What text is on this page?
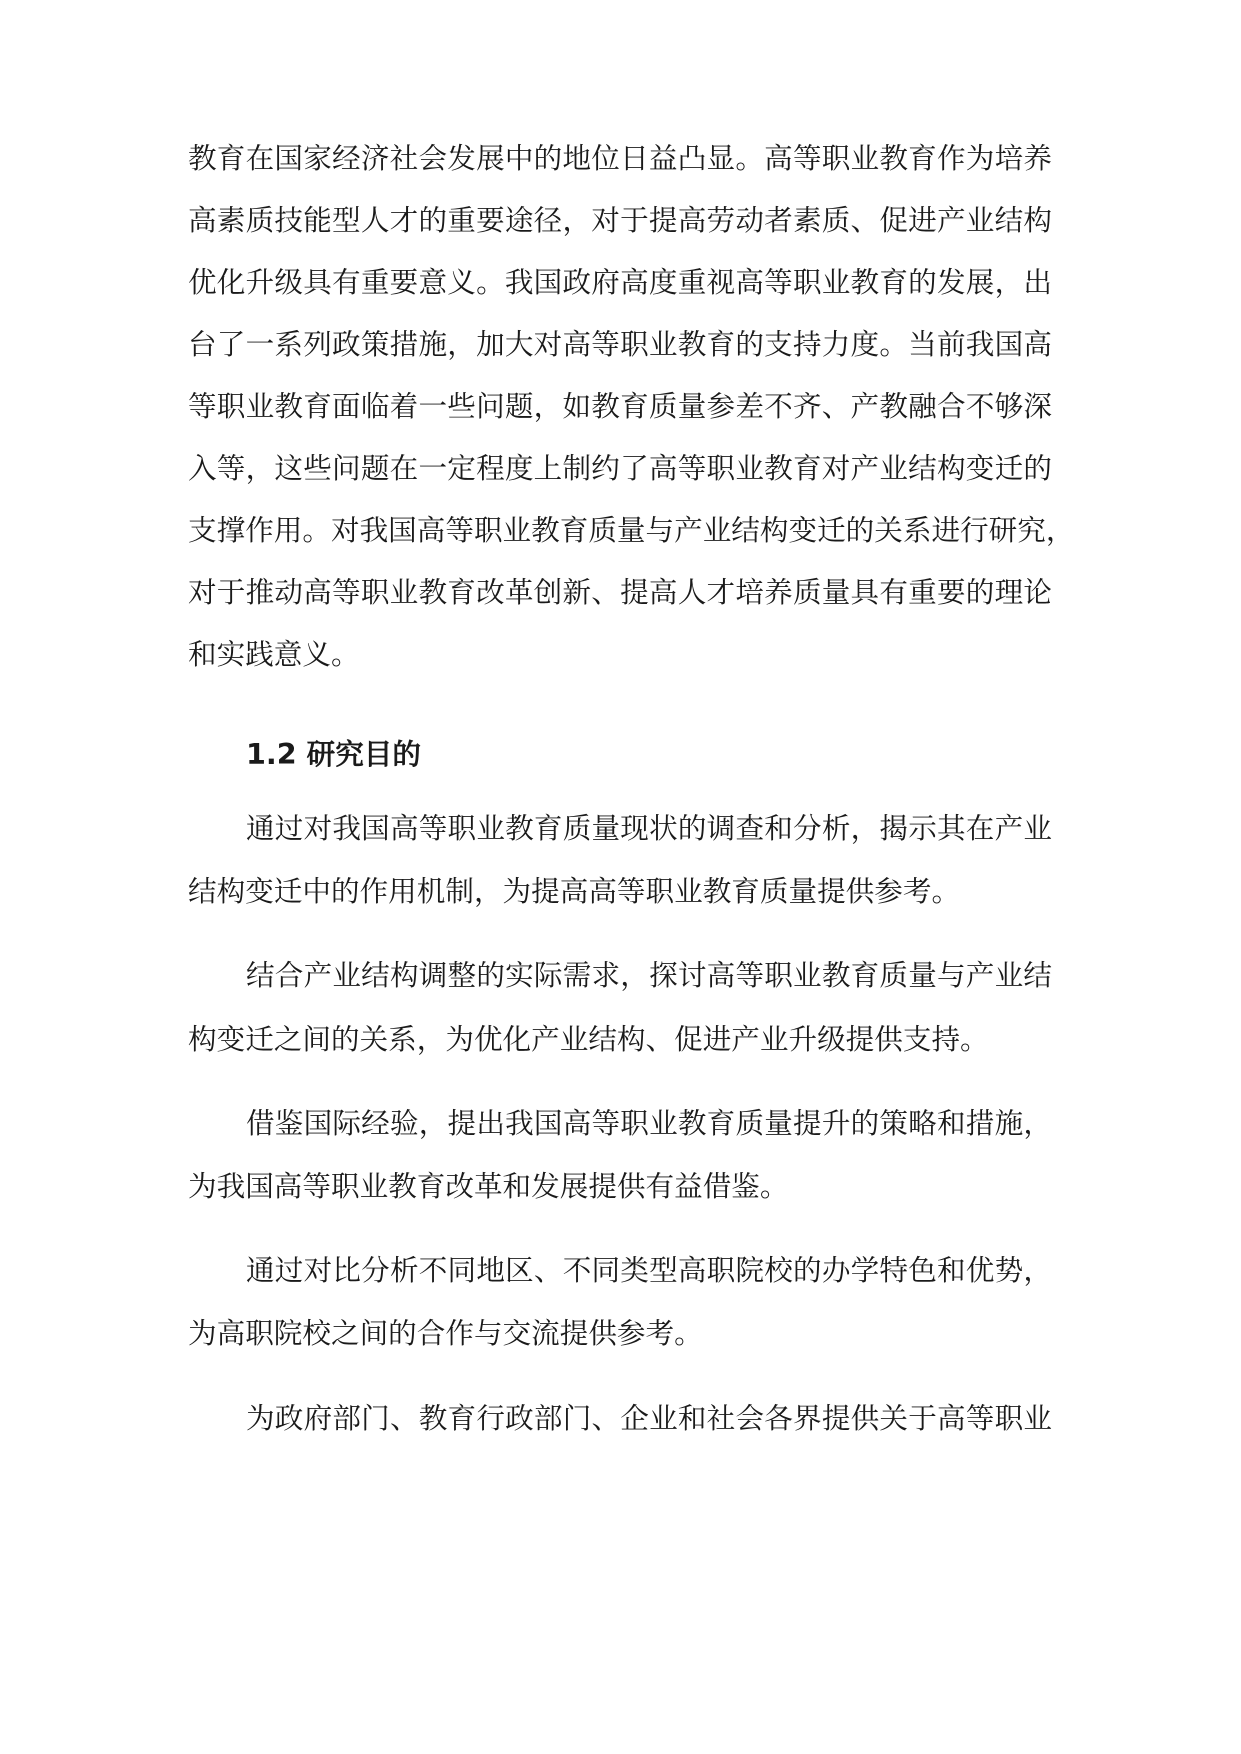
教育在国家经济社会发展中的地位日益凸显。高等职业教育作为培养
高素质技能型人才的重要途径，对于提高劳动者素质、促进产业结构
优化升级具有重要意义。我国政府高度重视高等职业教育的发展，出
台了一系列政策措施，加大对高等职业教育的支持力度。当前我国高
等职业教育面临着一些问题，如教育质量参差不齐、产教融合不够深
入等，这些问题在一定程度上制约了高等职业教育对产业结构变迁的
支撑作用。对我国高等职业教育质量与产业结构变迁的关系进行研究，
对于推动高等职业教育改革创新、提高人才培养质量具有重要的理论
和实践意义。
1.2 研究目的
通过对我国高等职业教育质量现状的调查和分析，揭示其在产业
结构变迁中的作用机制，为提高高等职业教育质量提供参考。
结合产业结构调整的实际需求，探讨高等职业教育质量与产业结
构变迁之间的关系，为优化产业结构、促进产业升级提供支持。
借鉴国际经验，提出我国高等职业教育质量提升的策略和措施，
为我国高等职业教育改革和发展提供有益借鉴。
通过对比分析不同地区、不同类型高职院校的办学特色和优势，
为高职院校之间的合作与交流提供参考。
为政府部门、教育行政部门、企业和社会各界提供关于高等职业
